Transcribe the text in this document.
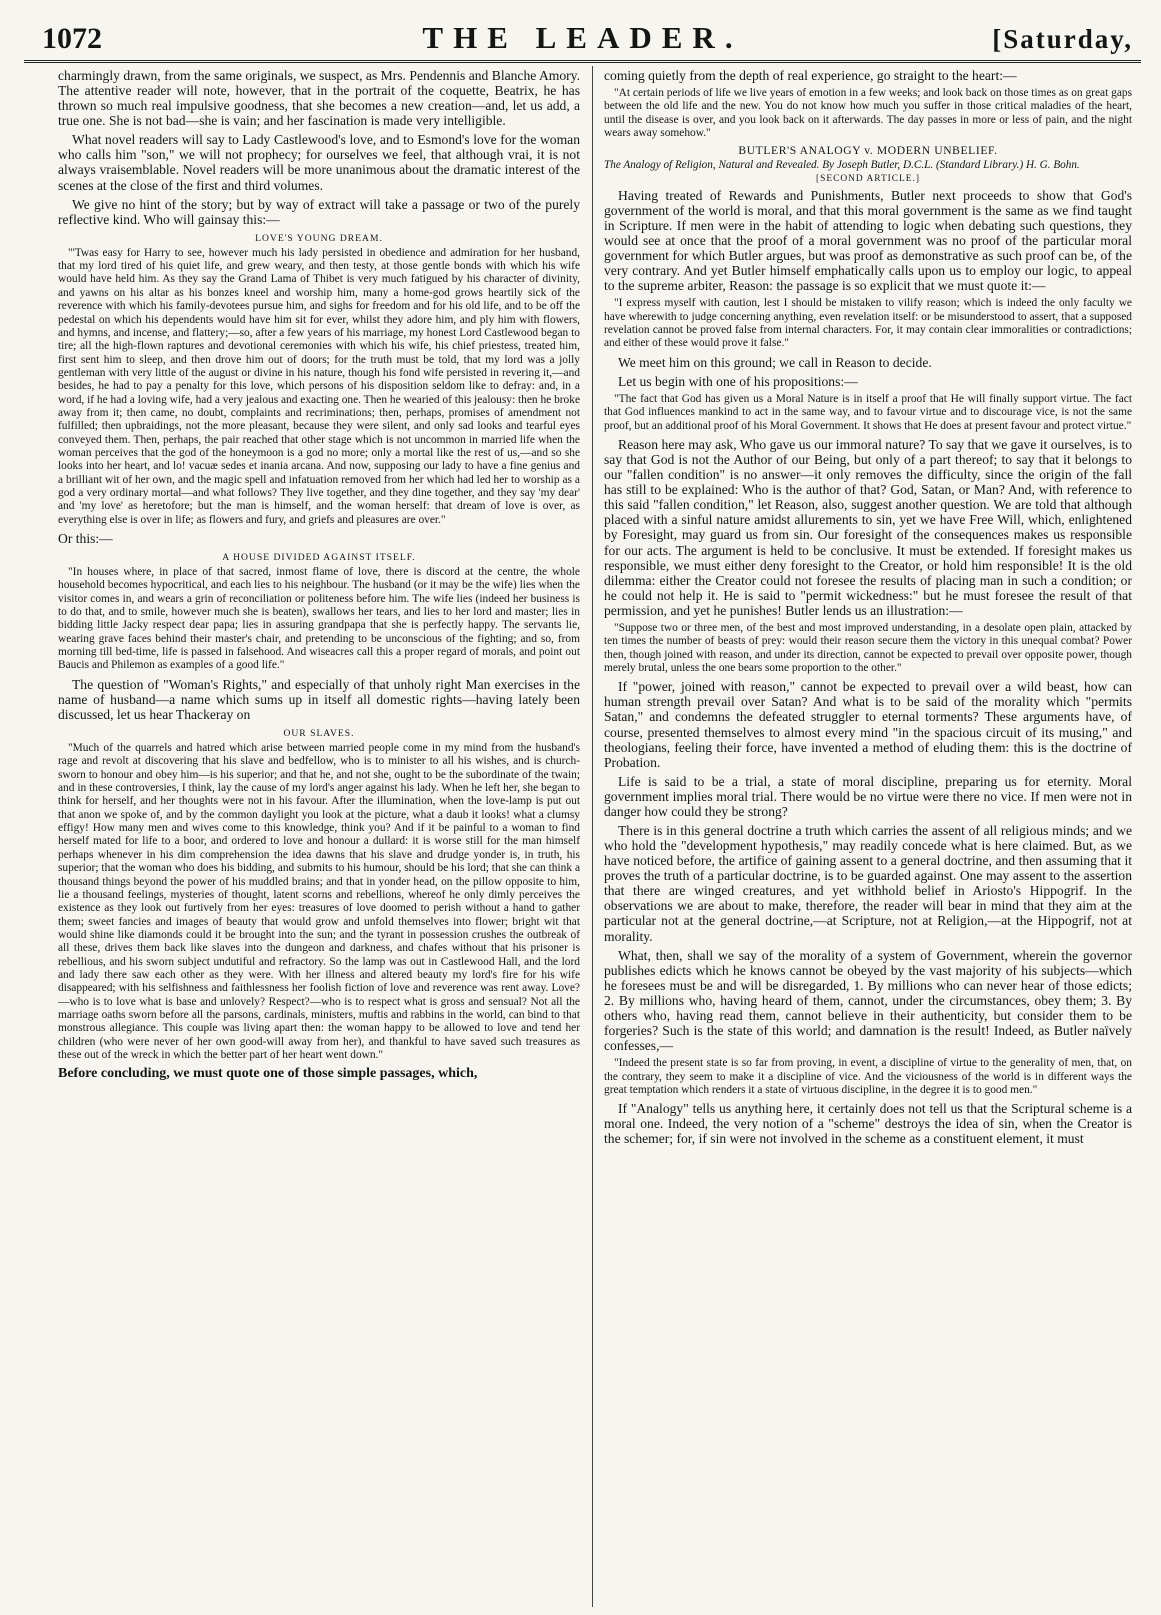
1072	THE LEADER.	[Saturday,

charmingly drawn, from the same originals, we suspect, as Mrs. Pendennis and Blanche Amory. The attentive reader will note, however, that in the portrait of the coquette, Beatrix, he has thrown so much real impulsive goodness, that she becomes a new creation—and, let us add, a true one. She is not bad—she is vain; and her fascination is made very intelligible.

What novel readers will say to Lady Castlewood's love, and to Esmond's love for the woman who calls him "son," we will not prophecy; for ourselves we feel, that although vrai, it is not always vraisemblable. Novel readers will be more unanimous about the dramatic interest of the scenes at the close of the first and third volumes.

We give no hint of the story; but by way of extract will take a passage or two of the purely reflective kind. Who will gainsay this:—

LOVE'S YOUNG DREAM.

"'Twas easy for Harry to see, however much his lady persisted in obedience and admiration for her husband, that my lord tired of his quiet life, and grew weary, and then testy, at those gentle bonds with which his wife would have held him. As they say the Grand Lama of Thibet is very much fatigued by his character of divinity, and yawns on his altar as his bonzes kneel and worship him, many a home-god grows heartily sick of the reverence with which his family-devotees pursue him, and sighs for freedom and for his old life, and to be off the pedestal on which his dependents would have him sit for ever, whilst they adore him, and ply him with flowers, and hymns, and incense, and flattery;—so, after a few years of his marriage, my honest Lord Castlewood began to tire; all the high-flown raptures and devotional ceremonies with which his wife, his chief priestess, treated him, first sent him to sleep, and then drove him out of doors; for the truth must be told, that my lord was a jolly gentleman with very little of the august or divine in his nature, though his fond wife persisted in revering it,—and besides, he had to pay a penalty for this love, which persons of his disposition seldom like to defray: and, in a word, if he had a loving wife, had a very jealous and exacting one. Then he wearied of this jealousy: then he broke away from it; then came, no doubt, complaints and recriminations; then, perhaps, promises of amendment not fulfilled; then upbraidings, not the more pleasant, because they were silent, and only sad looks and tearful eyes conveyed them. Then, perhaps, the pair reached that other stage which is not uncommon in married life when the woman perceives that the god of the honeymoon is a god no more; only a mortal like the rest of us,—and so she looks into her heart, and lo! vacuæ sedes et inania arcana. And now, supposing our lady to have a fine genius and a brilliant wit of her own, and the magic spell and infatuation removed from her which had led her to worship as a god a very ordinary mortal—and what follows? They live together, and they dine together, and they say 'my dear' and 'my love' as heretofore; but the man is himself, and the woman herself: that dream of love is over, as everything else is over in life; as flowers and fury, and griefs and pleasures are over."

Or this:—

A HOUSE DIVIDED AGAINST ITSELF.

"In houses where, in place of that sacred, inmost flame of love, there is discord at the centre, the whole household becomes hypocritical, and each lies to his neighbour. The husband (or it may be the wife) lies when the visitor comes in, and wears a grin of reconciliation or politeness before him. The wife lies (indeed her business is to do that, and to smile, however much she is beaten), swallows her tears, and lies to her lord and master; lies in bidding little Jacky respect dear papa; lies in assuring grandpapa that she is perfectly happy. The servants lie, wearing grave faces behind their master's chair, and pretending to be unconscious of the fighting; and so, from morning till bed-time, life is passed in falsehood. And wiseacres call this a proper regard of morals, and point out Baucis and Philemon as examples of a good life."

The question of "Woman's Rights," and especially of that unholy right Man exercises in the name of husband—a name which sums up in itself all domestic rights—having lately been discussed, let us hear Thackeray on

OUR SLAVES.

"Much of the quarrels and hatred which arise between married people come in my mind from the husband's rage and revolt at discovering that his slave and bedfellow, who is to minister to all his wishes, and is church-sworn to honour and obey him—is his superior; and that he, and not she, ought to be the subordinate of the twain; and in these controversies, I think, lay the cause of my lord's anger against his lady. When he left her, she began to think for herself, and her thoughts were not in his favour. After the illumination, when the love-lamp is put out that anon we spoke of, and by the common daylight you look at the picture, what a daub it looks! what a clumsy effigy! How many men and wives come to this knowledge, think you? And if it be painful to a woman to find herself mated for life to a boor, and ordered to love and honour a dullard: it is worse still for the man himself perhaps whenever in his dim comprehension the idea dawns that his slave and drudge yonder is, in truth, his superior; that the woman who does his bidding, and submits to his humour, should be his lord; that she can think a thousand things beyond the power of his muddled brains; and that in yonder head, on the pillow opposite to him, lie a thousand feelings, mysteries of thought, latent scorns and rebellions, whereof he only dimly perceives the existence as they look out furtively from her eyes: treasures of love doomed to perish without a hand to gather them; sweet fancies and images of beauty that would grow and unfold themselves into flower; bright wit that would shine like diamonds could it be brought into the sun; and the tyrant in possession crushes the outbreak of all these, drives them back like slaves into the dungeon and darkness, and chafes without that his prisoner is rebellious, and his sworn subject undutiful and refractory. So the lamp was out in Castlewood Hall, and the lord and lady there saw each other as they were. With her illness and altered beauty my lord's fire for his wife disappeared; with his selfishness and faithlessness her foolish fiction of love and reverence was rent away. Love?—who is to love what is base and unlovely? Respect?—who is to respect what is gross and sensual? Not all the marriage oaths sworn before all the parsons, cardinals, ministers, muftis and rabbins in the world, can bind to that monstrous allegiance. This couple was living apart then: the woman happy to be allowed to love and tend her children (who were never of her own good-will away from her), and thankful to have saved such treasures as these out of the wreck in which the better part of her heart went down."

Before concluding, we must quote one of those simple passages, which,

coming quietly from the depth of real experience, go straight to the heart:—

"At certain periods of life we live years of emotion in a few weeks; and look back on those times as on great gaps between the old life and the new. You do not know how much you suffer in those critical maladies of the heart, until the disease is over, and you look back on it afterwards. The day passes in more or less of pain, and the night wears away somehow."

BUTLER'S ANALOGY v. MODERN UNBELIEF.

The Analogy of Religion, Natural and Revealed. By Joseph Butler, D.C.L. (Standard Library.) H. G. Bohn.

[SECOND ARTICLE.]

Having treated of Rewards and Punishments, Butler next proceeds to show that God's government of the world is moral, and that this moral government is the same as we find taught in Scripture. If men were in the habit of attending to logic when debating such questions, they would see at once that the proof of a moral government was no proof of the particular moral government for which Butler argues, but was proof as demonstrative as such proof can be, of the very contrary. And yet Butler himself emphatically calls upon us to employ our logic, to appeal to the supreme arbiter, Reason: the passage is so explicit that we must quote it:—

"I express myself with caution, lest I should be mistaken to vilify reason; which is indeed the only faculty we have wherewith to judge concerning anything, even revelation itself: or be misunderstood to assert, that a supposed revelation cannot be proved false from internal characters. For, it may contain clear immoralities or contradictions; and either of these would prove it false."

We meet him on this ground; we call in Reason to decide.

Let us begin with one of his propositions:—

"The fact that God has given us a Moral Nature is in itself a proof that He will finally support virtue. The fact that God influences mankind to act in the same way, and to favour virtue and to discourage vice, is not the same proof, but an additional proof of his Moral Government. It shows that He does at present favour and protect virtue."

Reason here may ask, Who gave us our immoral nature? To say that we gave it ourselves, is to say that God is not the Author of our Being, but only of a part thereof; to say that it belongs to our "fallen condition" is no answer—it only removes the difficulty, since the origin of the fall has still to be explained: Who is the author of that? God, Satan, or Man? And, with reference to this said "fallen condition," let Reason, also, suggest another question. We are told that although placed with a sinful nature amidst allurements to sin, yet we have Free Will, which, enlightened by Foresight, may guard us from sin. Our foresight of the consequences makes us responsible for our acts. The argument is held to be conclusive. It must be extended. If foresight makes us responsible, we must either deny foresight to the Creator, or hold him responsible! It is the old dilemma: either the Creator could not foresee the results of placing man in such a condition; or he could not help it. He is said to "permit wickedness:" but he must foresee the result of that permission, and yet he punishes! Butler lends us an illustration:—

"Suppose two or three men, of the best and most improved understanding, in a desolate open plain, attacked by ten times the number of beasts of prey: would their reason secure them the victory in this unequal combat? Power then, though joined with reason, and under its direction, cannot be expected to prevail over opposite power, though merely brutal, unless the one bears some proportion to the other."

If "power, joined with reason," cannot be expected to prevail over a wild beast, how can human strength prevail over Satan? And what is to be said of the morality which "permits Satan," and condemns the defeated struggler to eternal torments? These arguments have, of course, presented themselves to almost every mind "in the spacious circuit of its musing," and theologians, feeling their force, have invented a method of eluding them: this is the doctrine of Probation.

Life is said to be a trial, a state of moral discipline, preparing us for eternity. Moral government implies moral trial. There would be no virtue were there no vice. If men were not in danger how could they be strong?

There is in this general doctrine a truth which carries the assent of all religious minds; and we who hold the "development hypothesis," may readily concede what is here claimed. But, as we have noticed before, the artifice of gaining assent to a general doctrine, and then assuming that it proves the truth of a particular doctrine, is to be guarded against. One may assent to the assertion that there are winged creatures, and yet withhold belief in Ariosto's Hippogrif. In the observations we are about to make, therefore, the reader will bear in mind that they aim at the particular not at the general doctrine,—at Scripture, not at Religion,—at the Hippogrif, not at morality.

What, then, shall we say of the morality of a system of Government, wherein the governor publishes edicts which he knows cannot be obeyed by the vast majority of his subjects—which he foresees must be and will be disregarded, 1. By millions who can never hear of those edicts; 2. By millions who, having heard of them, cannot, under the circumstances, obey them; 3. By others who, having read them, cannot believe in their authenticity, but consider them to be forgeries? Such is the state of this world; and damnation is the result! Indeed, as Butler naïvely confesses,—

"Indeed the present state is so far from proving, in event, a discipline of virtue to the generality of men, that, on the contrary, they seem to make it a discipline of vice. And the viciousness of the world is in different ways the great temptation which renders it a state of virtuous discipline, in the degree it is to good men."

If "Analogy" tells us anything here, it certainly does not tell us that the Scriptural scheme is a moral one. Indeed, the very notion of a "scheme" destroys the idea of sin, when the Creator is the schemer; for, if sin were not involved in the scheme as a constituent element, it must
